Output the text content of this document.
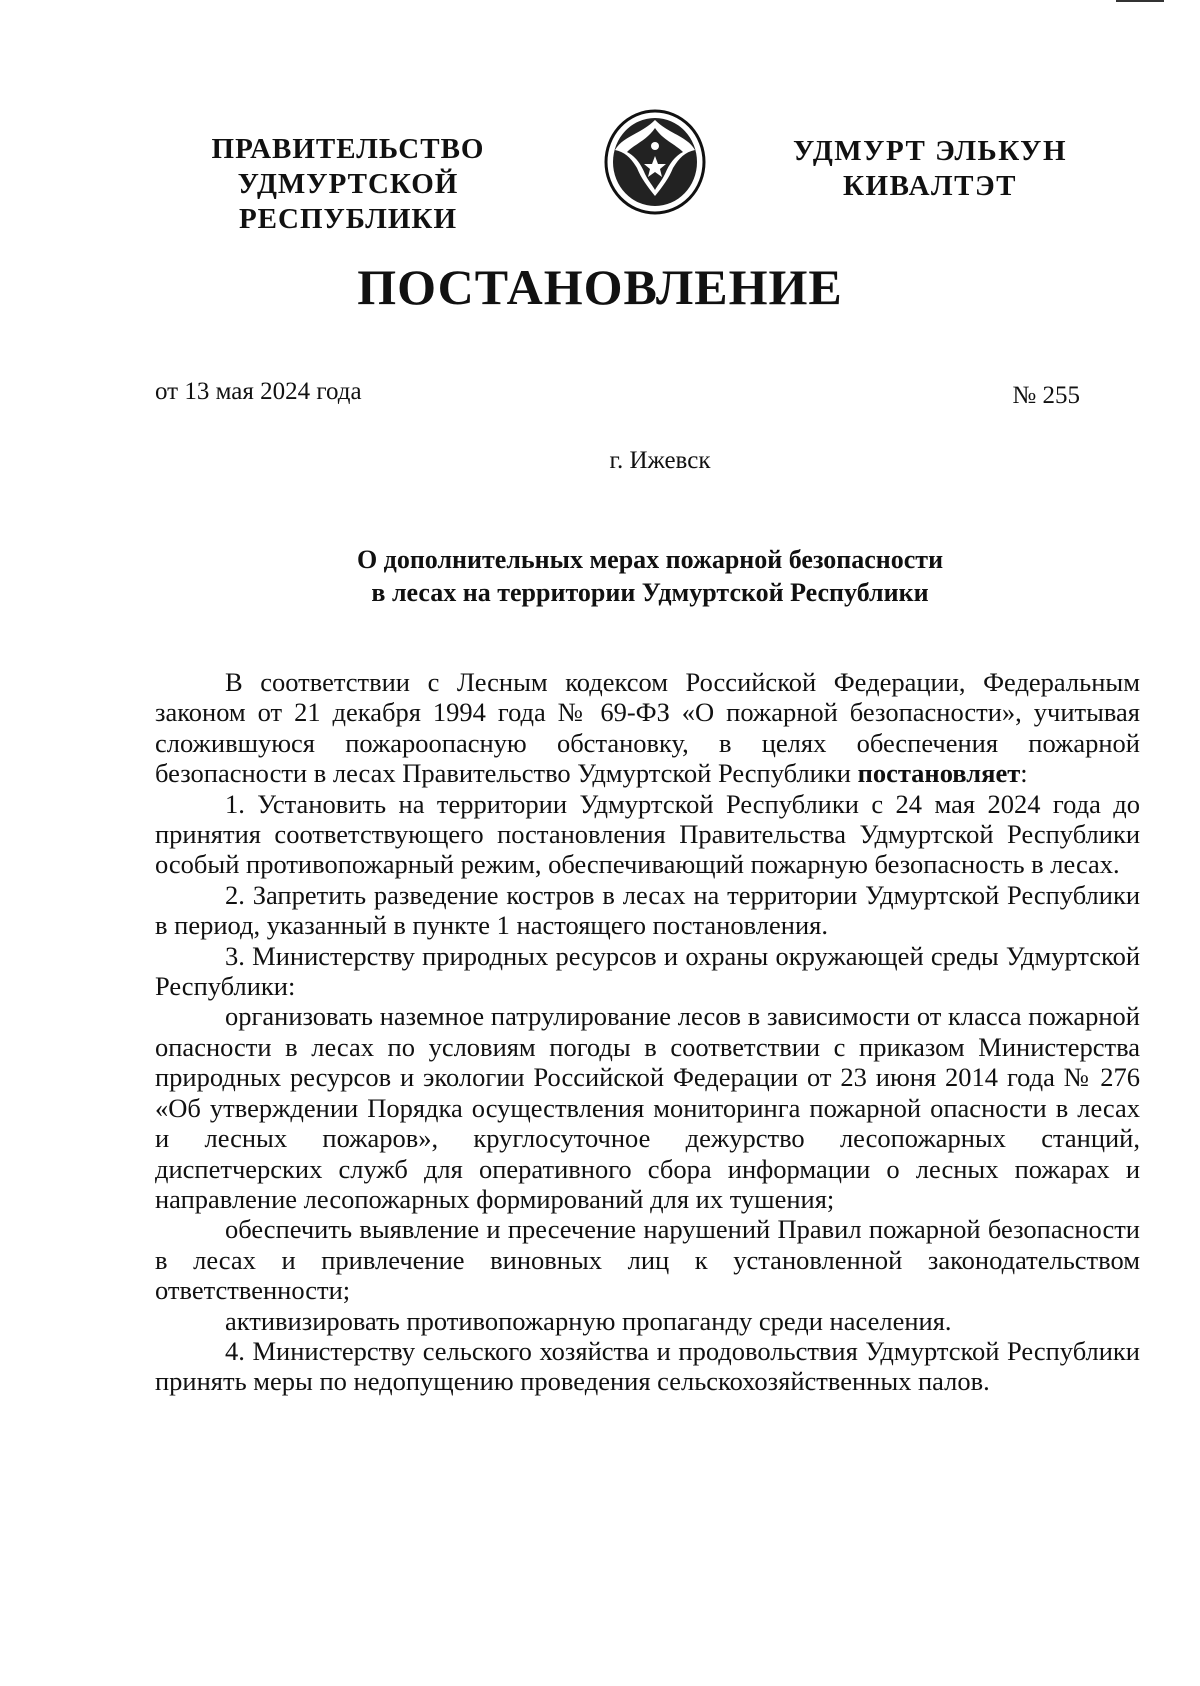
ПРАВИТЕЛЬСТВО
УДМУРТСКОЙ РЕСПУБЛИКИ
УДМУРТ ЭЛЬКУН
КИВАЛТЭТ
ПОСТАНОВЛЕНИЕ
от 13 мая 2024 года	№ 255
г. Ижевск
О дополнительных мерах пожарной безопасности
в лесах на территории Удмуртской Республики

В соответствии с Лесным кодексом Российской Федерации, Федеральным законом от 21 декабря 1994 года № 69-ФЗ «О пожарной безопасности», учитывая сложившуюся пожароопасную обстановку, в целях обеспечения пожарной безопасности в лесах Правительство Удмуртской Республики постановляет:

1. Установить на территории Удмуртской Республики с 24 мая 2024 года до принятия соответствующего постановления Правительства Удмуртской Республики особый противопожарный режим, обеспечивающий пожарную безопасность в лесах.

2. Запретить разведение костров в лесах на территории Удмуртской Республики в период, указанный в пункте 1 настоящего постановления.

3. Министерству природных ресурсов и охраны окружающей среды Удмуртской Республики:

организовать наземное патрулирование лесов в зависимости от класса пожарной опасности в лесах по условиям погоды в соответствии с приказом Министерства природных ресурсов и экологии Российской Федерации от 23 июня 2014 года № 276 «Об утверждении Порядка осуществления мониторинга пожарной опасности в лесах и лесных пожаров», круглосуточное дежурство лесопожарных станций, диспетчерских служб для оперативного сбора информации о лесных пожарах и направление лесопожарных формирований для их тушения;

обеспечить выявление и пресечение нарушений Правил пожарной безопасности в лесах и привлечение виновных лиц к установленной законодательством ответственности;

активизировать противопожарную пропаганду среди населения.

4. Министерству сельского хозяйства и продовольствия Удмуртской Республики принять меры по недопущению проведения сельскохозяйственных палов.
